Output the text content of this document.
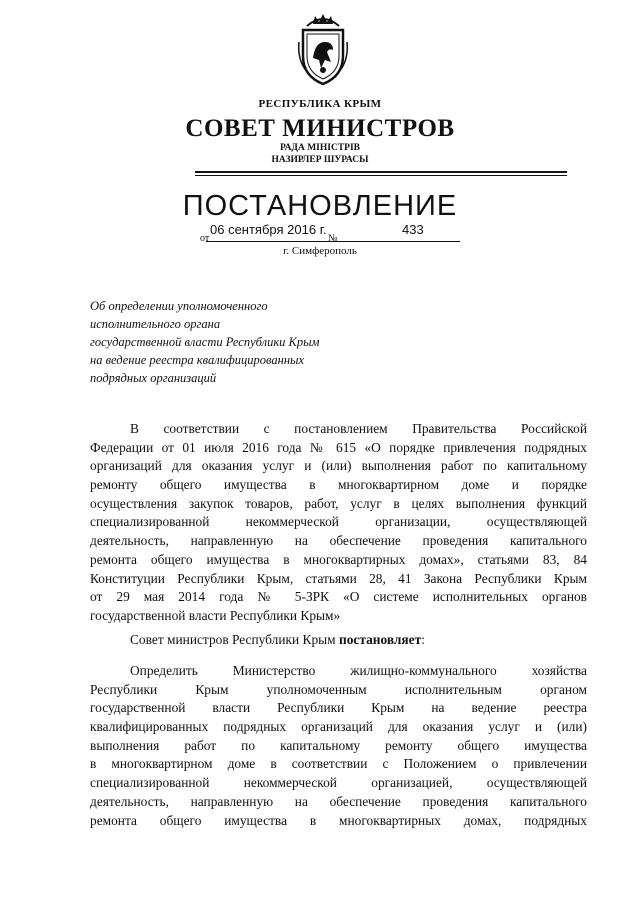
РЕСПУБЛИКА КРЫМ
СОВЕТ МИНИСТРОВ
РАДА МІНІСТРІВ
НАЗИРЛЕР ШУРАСЫ
ПОСТАНОВЛЕНИЕ
от
06 сентября 2016 г.
№
433
г. Симферополь
Об определении уполномоченного
исполнительного органа
государственной власти Республики Крым
на ведение реестра квалифицированных
подрядных организаций
В соответствии с постановлением Правительства Российской
Федерации от 01 июля 2016 года № 615 «О порядке привлечения подрядных
организаций для оказания услуг и (или) выполнения работ по капитальному
ремонту общего имущества в многоквартирном доме и порядке
осуществления закупок товаров, работ, услуг в целях выполнения функций
специализированной некоммерческой организации, осуществляющей
деятельность, направленную на обеспечение проведения капитального
ремонта общего имущества в многоквартирных домах», статьями 83, 84
Конституции Республики Крым, статьями 28, 41 Закона Республики Крым
от 29 мая 2014 года № 5-ЗРК «О системе исполнительных органов
государственной власти Республики Крым»
Совет министров Республики Крым постановляет:
Определить Министерство жилищно-коммунального хозяйства
Республики Крым уполномоченным исполнительным органом
государственной власти Республики Крым на ведение реестра
квалифицированных подрядных организаций для оказания услуг и (или)
выполнения работ по капитальному ремонту общего имущества
в многоквартирном доме в соответствии с Положением о привлечении
специализированной некоммерческой организацией, осуществляющей
деятельность, направленную на обеспечение проведения капитального
ремонта общего имущества в многоквартирных домах, подрядных
